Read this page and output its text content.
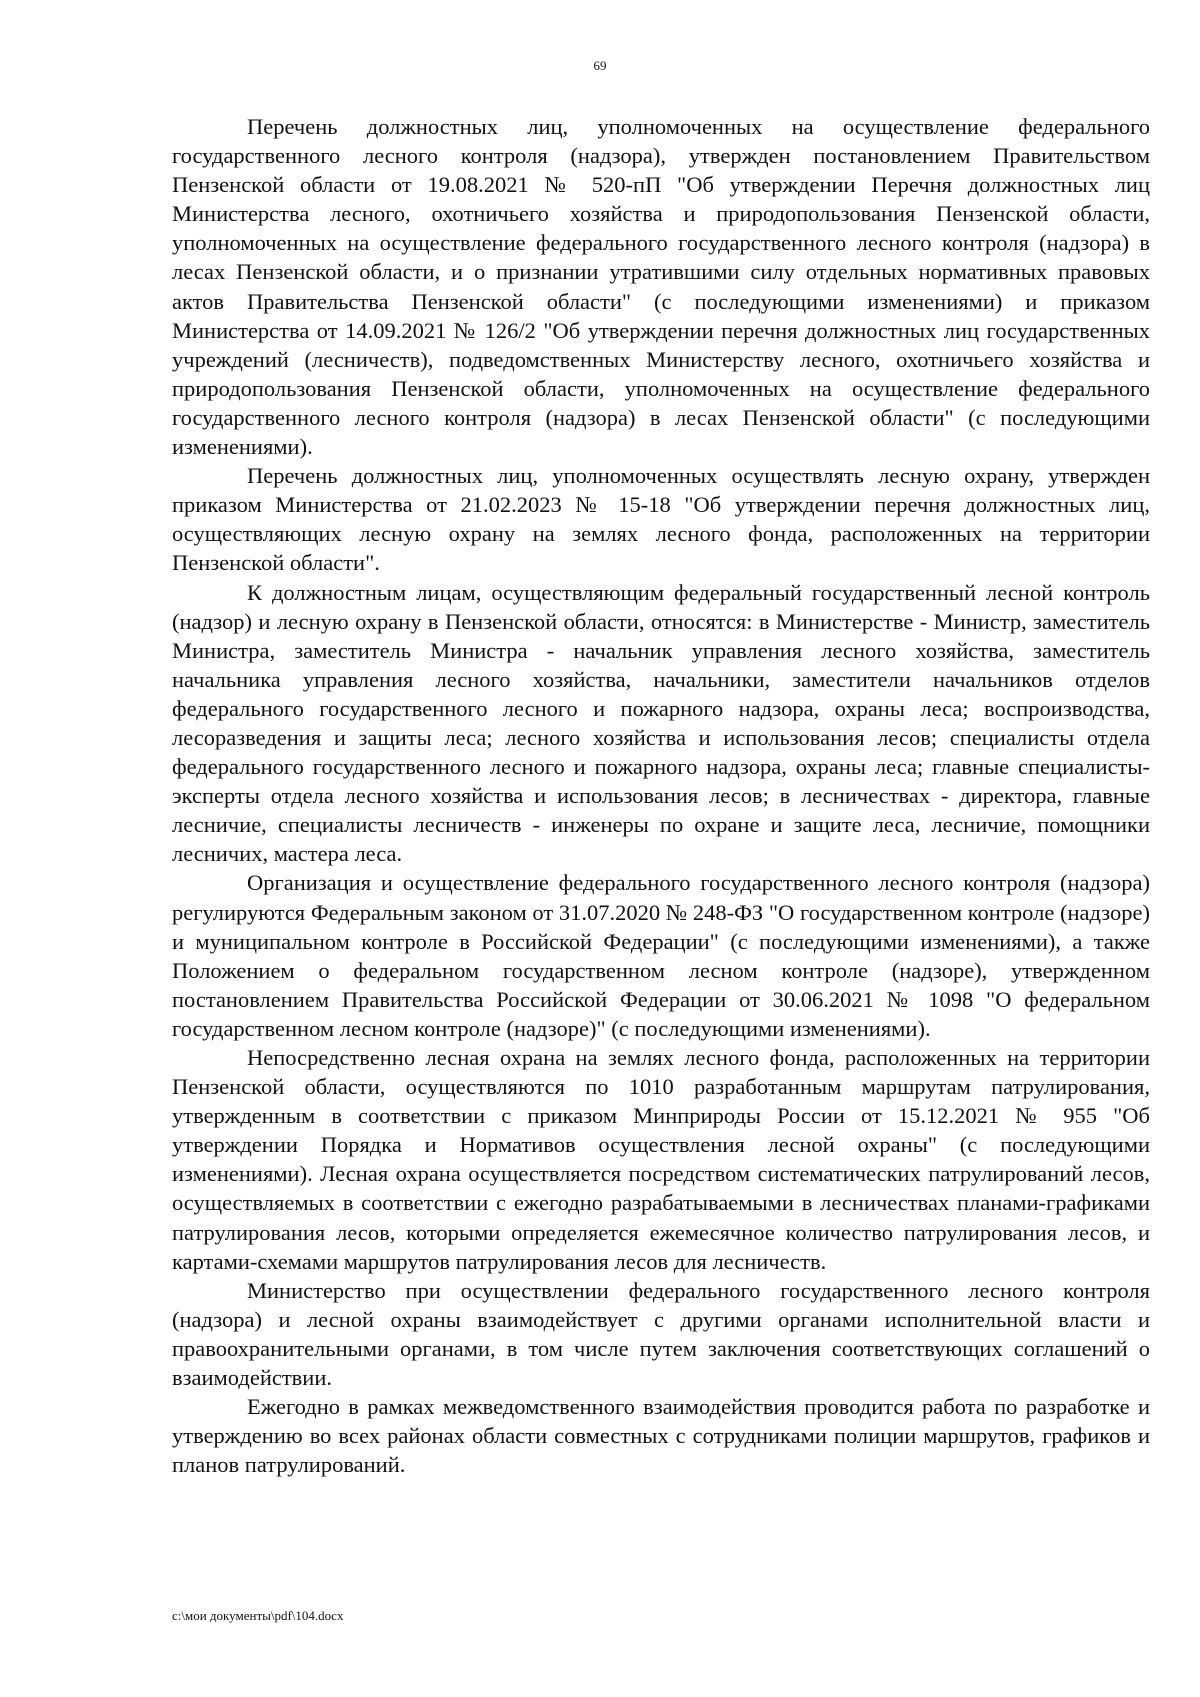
69

Перечень должностных лиц, уполномоченных на осуществление федерального государственного лесного контроля (надзора), утвержден постановлением Правительством Пензенской области от 19.08.2021 № 520-пП "Об утверждении Перечня должностных лиц Министерства лесного, охотничьего хозяйства и природопользования Пензенской области, уполномоченных на осуществление федерального государственного лесного контроля (надзора) в лесах Пензенской области, и о признании утратившими силу отдельных нормативных правовых актов Правительства Пензенской области" (с последующими изменениями) и приказом Министерства от 14.09.2021 № 126/2 "Об утверждении перечня должностных лиц государственных учреждений (лесничеств), подведомственных Министерству лесного, охотничьего хозяйства и природопользования Пензенской области, уполномоченных на осуществление федерального государственного лесного контроля (надзора) в лесах Пензенской области" (с последующими изменениями).

Перечень должностных лиц, уполномоченных осуществлять лесную охрану, утвержден приказом Министерства от 21.02.2023 № 15-18 "Об утверждении перечня должностных лиц, осуществляющих лесную охрану на землях лесного фонда, расположенных на территории Пензенской области".

К должностным лицам, осуществляющим федеральный государственный лесной контроль (надзор) и лесную охрану в Пензенской области, относятся: в Министерстве - Министр, заместитель Министра, заместитель Министра - начальник управления лесного хозяйства, заместитель начальника управления лесного хозяйства, начальники, заместители начальников отделов федерального государственного лесного и пожарного надзора, охраны леса; воспроизводства, лесоразведения и защиты леса; лесного хозяйства и использования лесов; специалисты отдела федерального государственного лесного и пожарного надзора, охраны леса; главные специалисты-эксперты отдела лесного хозяйства и использования лесов; в лесничествах - директора, главные лесничие, специалисты лесничеств - инженеры по охране и защите леса, лесничие, помощники лесничих, мастера леса.

Организация и осуществление федерального государственного лесного контроля (надзора) регулируются Федеральным законом от 31.07.2020 № 248-ФЗ "О государственном контроле (надзоре) и муниципальном контроле в Российской Федерации" (с последующими изменениями), а также Положением о федеральном государственном лесном контроле (надзоре), утвержденном постановлением Правительства Российской Федерации от 30.06.2021 № 1098 "О федеральном государственном лесном контроле (надзоре)" (с последующими изменениями).

Непосредственно лесная охрана на землях лесного фонда, расположенных на территории Пензенской области, осуществляются по 1010 разработанным маршрутам патрулирования, утвержденным в соответствии с приказом Минприроды России от 15.12.2021 № 955 "Об утверждении Порядка и Нормативов осуществления лесной охраны" (с последующими изменениями). Лесная охрана осуществляется посредством систематических патрулирований лесов, осуществляемых в соответствии с ежегодно разрабатываемыми в лесничествах планами-графиками патрулирования лесов, которыми определяется ежемесячное количество патрулирования лесов, и картами-схемами маршрутов патрулирования лесов для лесничеств.

Министерство при осуществлении федерального государственного лесного контроля (надзора) и лесной охраны взаимодействует с другими органами исполнительной власти и правоохранительными органами, в том числе путем заключения соответствующих соглашений о взаимодействии.

Ежегодно в рамках межведомственного взаимодействия проводится работа по разработке и утверждению во всех районах области совместных с сотрудниками полиции маршрутов, графиков и планов патрулирований.

c:\мои документы\pdf\104.docx
